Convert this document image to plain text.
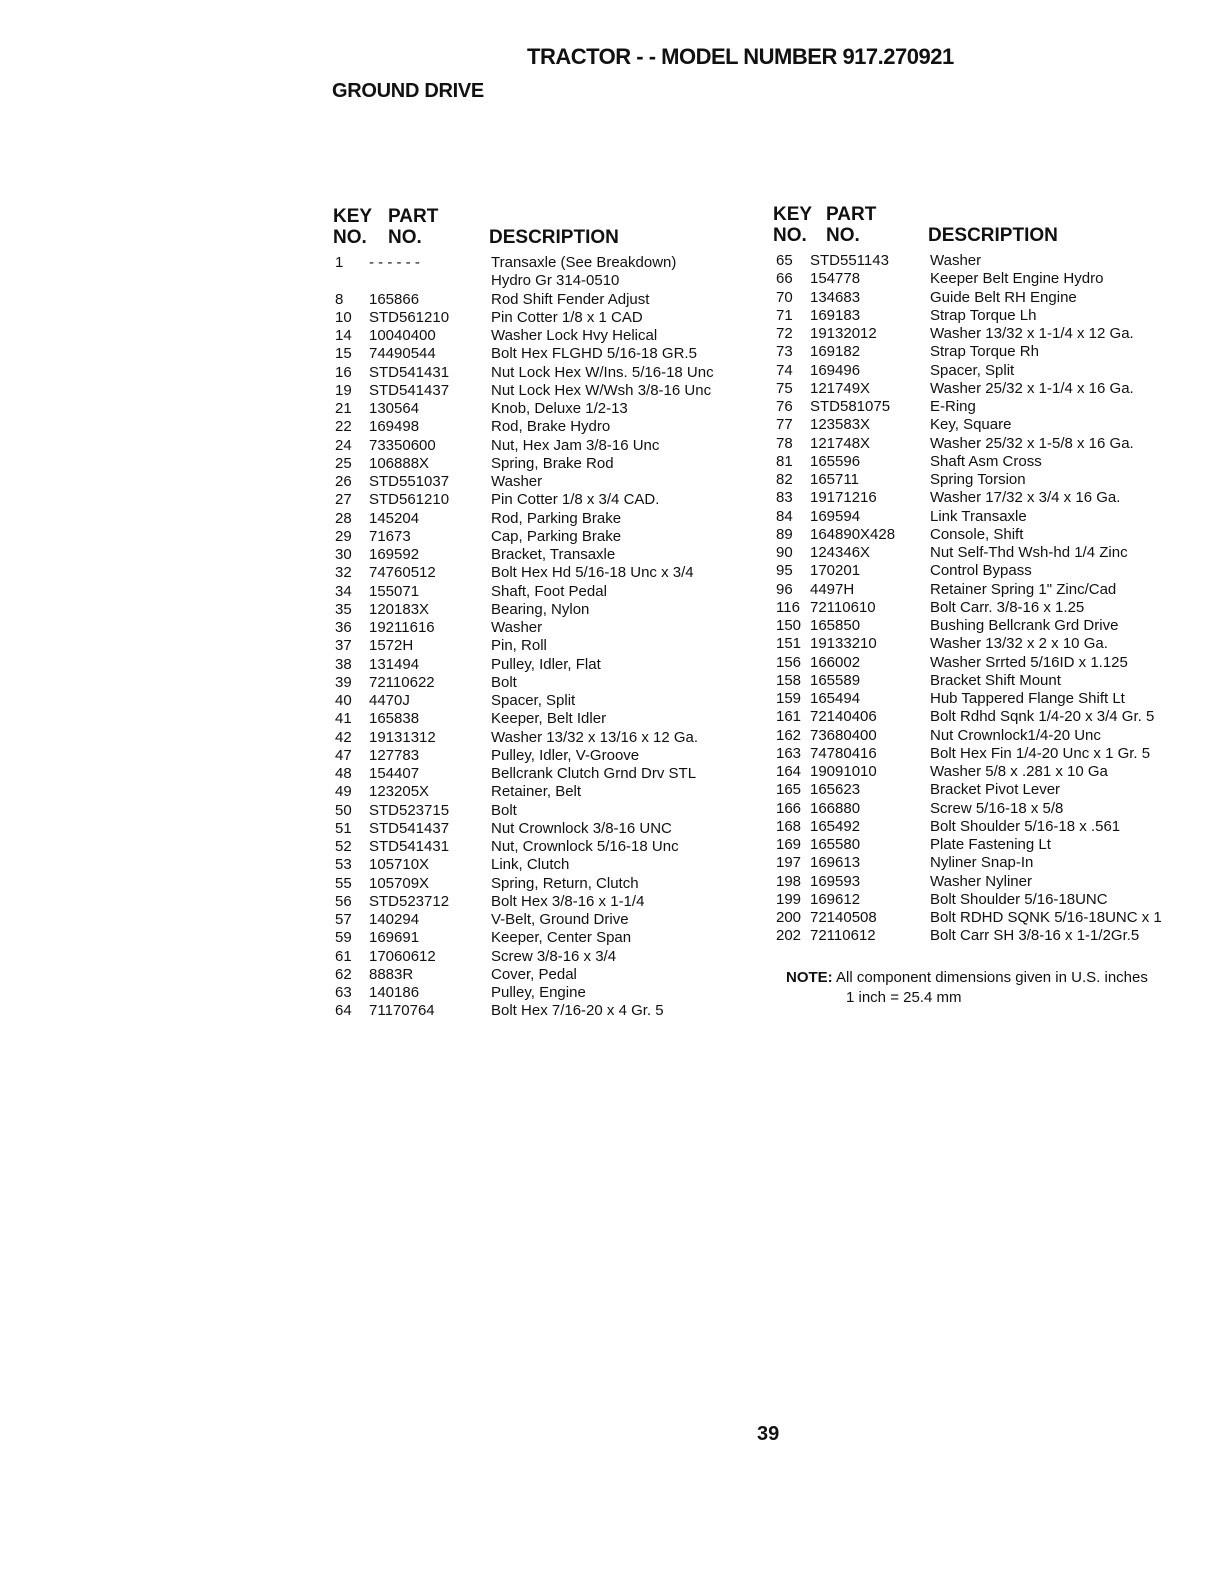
TRACTOR - - MODEL NUMBER 917.270921
GROUND DRIVE
KEY PART
NO. NO.	DESCRIPTION
1 - - - - - -	Transaxle (See Breakdown)
Hydro Gr 314-0510
8 165866	Rod Shift Fender Adjust
10 STD561210	Pin Cotter 1/8 x 1 CAD
14 10040400	Washer Lock Hvy Helical
15 74490544	Bolt Hex FLGHD 5/16-18 GR.5
16 STD541431	Nut Lock Hex W/Ins. 5/16-18 Unc
19 STD541437	Nut Lock Hex W/Wsh 3/8-16 Unc
21 130564	Knob, Deluxe 1/2-13
22 169498	Rod, Brake Hydro
24 73350600	Nut, Hex Jam 3/8-16 Unc
25 106888X	Spring, Brake Rod
26 STD551037	Washer
27 STD561210	Pin Cotter 1/8 x 3/4 CAD.
28 145204	Rod, Parking Brake
29 71673	Cap, Parking Brake
30 169592	Bracket, Transaxle
32 74760512	Bolt Hex Hd 5/16-18 Unc x 3/4
34 155071	Shaft, Foot Pedal
35 120183X	Bearing, Nylon
36 19211616	Washer
37 1572H	Pin, Roll
38 131494	Pulley, Idler, Flat
39 72110622	Bolt
40 4470J	Spacer, Split
41 165838	Keeper, Belt Idler
42 19131312	Washer 13/32 x 13/16 x 12 Ga.
47 127783	Pulley, Idler, V-Groove
48 154407	Bellcrank Clutch Grnd Drv STL
49 123205X	Retainer, Belt
50 STD523715	Bolt
51 STD541437	Nut Crownlock 3/8-16 UNC
52 STD541431	Nut, Crownlock 5/16-18 Unc
53 105710X	Link, Clutch
55 105709X	Spring, Return, Clutch
56 STD523712	Bolt Hex 3/8-16 x 1-1/4
57 140294	V-Belt, Ground Drive
59 169691	Keeper, Center Span
61 17060612	Screw 3/8-16 x 3/4
62 8883R	Cover, Pedal
63 140186	Pulley, Engine
64 71170764	Bolt Hex 7/16-20 x 4 Gr. 5
KEY PART
NO. NO.	DESCRIPTION
65 STD551143	Washer
66 154778	Keeper Belt Engine Hydro
70 134683	Guide Belt RH Engine
71 169183	Strap Torque Lh
72 19132012	Washer 13/32 x 1-1/4 x 12 Ga.
73 169182	Strap Torque Rh
74 169496	Spacer, Split
75 121749X	Washer 25/32 x 1-1/4 x 16 Ga.
76 STD581075	E-Ring
77 123583X	Key, Square
78 121748X	Washer 25/32 x 1-5/8 x 16 Ga.
81 165596	Shaft Asm Cross
82 165711	Spring Torsion
83 19171216	Washer 17/32 x 3/4 x 16 Ga.
84 169594	Link Transaxle
89 164890X428 Console, Shift
90 124346X	Nut Self-Thd Wsh-hd 1/4 Zinc
95 170201	Control Bypass
96 4497H	Retainer Spring 1" Zinc/Cad
116 72110610	Bolt Carr. 3/8-16 x 1.25
150 165850	Bushing Bellcrank Grd Drive
151 19133210	Washer 13/32 x 2 x 10 Ga.
156 166002	Washer Srrted 5/16ID x 1.125
158 165589	Bracket Shift Mount
159 165494	Hub Tappered Flange Shift Lt
161 72140406	Bolt Rdhd Sqnk 1/4-20 x 3/4 Gr. 5
162 73680400	Nut Crownlock1/4-20 Unc
163 74780416	Bolt Hex Fin 1/4-20 Unc x 1 Gr. 5
164 19091010	Washer 5/8 x .281 x 10 Ga
165 165623	Bracket Pivot Lever
166 166880	Screw 5/16-18 x 5/8
168 165492	Bolt Shoulder 5/16-18 x .561
169 165580	Plate Fastening Lt
197 169613	Nyliner Snap-In
198 169593	Washer Nyliner
199 169612	Bolt Shoulder 5/16-18UNC
200 72140508	Bolt RDHD SQNK 5/16-18UNC x 1
202 72110612	Bolt Carr SH 3/8-16 x 1-1/2Gr.5
NOTE: All component dimensions given in U.S. inches
1 inch = 25.4 mm
39
